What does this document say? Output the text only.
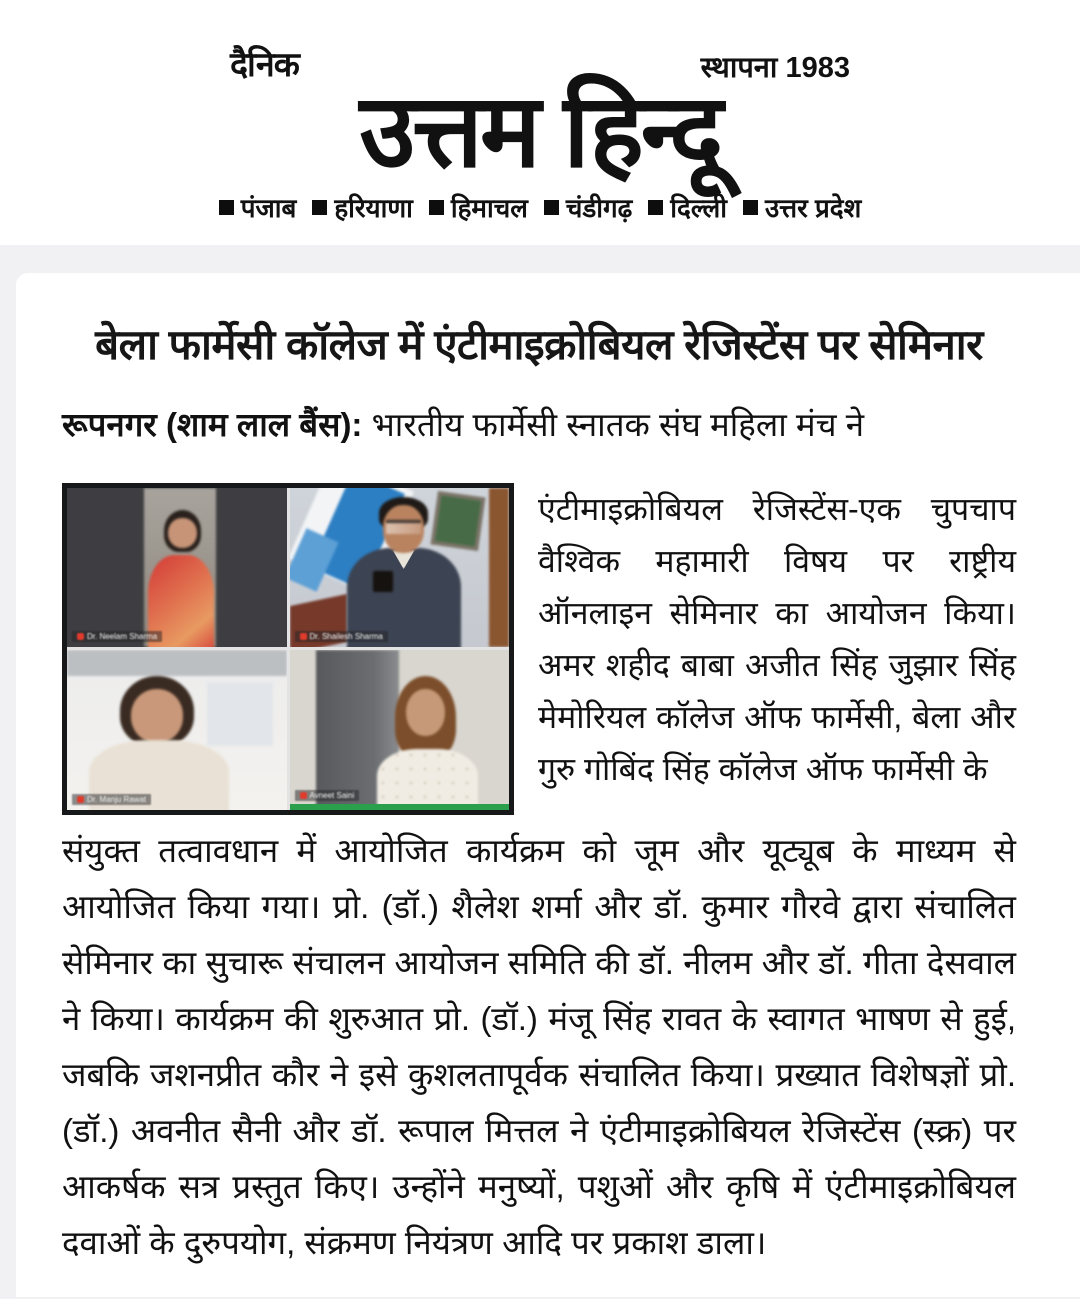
दैनिक	स्थापना 1983
उत्तम हिन्दू
पंजाब हरियाणा हिमाचल चंडीगढ़ दिल्ली उत्तर प्रदेश
बेला फार्मेसी कॉलेज में एंटीमाइक्रोबियल रेजिस्टेंस पर सेमिनार

रूपनगर (शाम लाल बैंस): भारतीय फार्मेसी स्नातक संघ महिला मंच ने

Dr. Neelam Sharma	Dr. Shailesh Sharma
Dr. Manju Rawat	Avneet Saini
एंटीमाइक्रोबियल रेजिस्टेंस-एक चुपचाप वैश्विक महामारी विषय पर राष्ट्रीय ऑनलाइन सेमिनार का आयोजन किया। अमर शहीद बाबा अजीत सिंह जुझार सिंह मेमोरियल कॉलेज ऑफ फार्मेसी, बेला और गुरु गोबिंद सिंह कॉलेज ऑफ फार्मेसी के
संयुक्त तत्वावधान में आयोजित कार्यक्रम को जूम और यूट्यूब के माध्यम से आयोजित किया गया। प्रो. (डॉ.) शैलेश शर्मा और डॉ. कुमार गौरवे द्वारा संचालित सेमिनार का सुचारू संचालन आयोजन समिति की डॉ. नीलम और डॉ. गीता देसवाल ने किया। कार्यक्रम की शुरुआत प्रो. (डॉ.) मंजू सिंह रावत के स्वागत भाषण से हुई, जबकि जशनप्रीत कौर ने इसे कुशलतापूर्वक संचालित किया। प्रख्यात विशेषज्ञों प्रो. (डॉ.) अवनीत सैनी और डॉ. रूपाल मित्तल ने एंटीमाइक्रोबियल रेजिस्टेंस (स्क्र) पर आकर्षक सत्र प्रस्तुत किए। उन्होंने मनुष्यों, पशुओं और कृषि में एंटीमाइक्रोबियल दवाओं के दुरुपयोग, संक्रमण नियंत्रण आदि पर प्रकाश डाला।
